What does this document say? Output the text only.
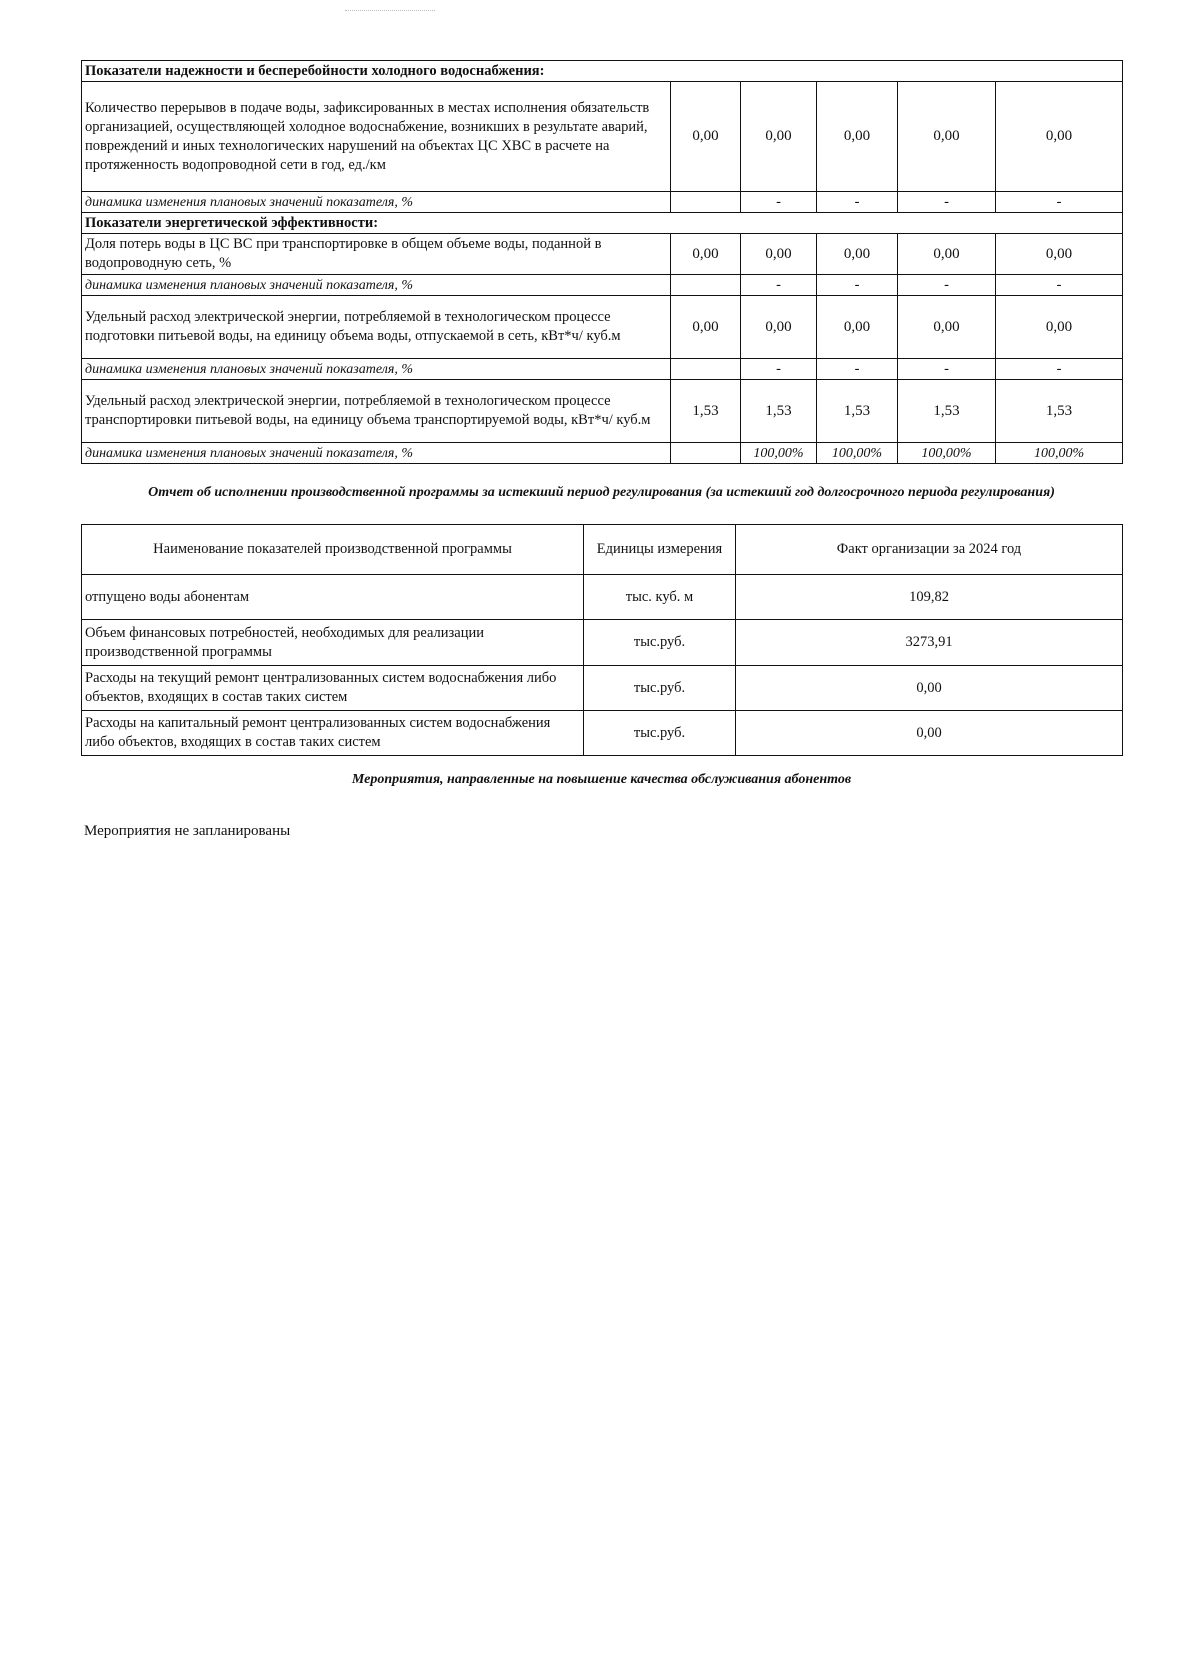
Показатели надежности и бесперебойности холодного водоснабжения:					
Количество перерывов в подаче воды, зафиксированных в местах исполнения обязательств организацией, осуществляющей холодное водоснабжение, возникших в результате аварий, повреждений и иных технологических нарушений на объектах ЦС ХВС в расчете на протяженность водопроводной сети в год, ед./км	0,00	0,00	0,00	0,00	0,00
динамика изменения плановых значений показателя, %		-	-	-	-
Показатели энергетической эффективности:					
Доля потерь воды в ЦС ВС при транспортировке в общем объеме воды, поданной в водопроводную сеть, %	0,00	0,00	0,00	0,00	0,00
динамика изменения плановых значений показателя, %		-	-	-	-
Удельный расход электрической энергии, потребляемой в технологическом процессе подготовки питьевой воды, на единицу объема воды, отпускаемой в сеть, кВт*ч/ куб.м	0,00	0,00	0,00	0,00	0,00
динамика изменения плановых значений показателя, %		-	-	-	-
Удельный расход электрической энергии, потребляемой в технологическом процессе транспортировки питьевой воды, на единицу объема транспортируемой воды, кВт*ч/ куб.м	1,53	1,53	1,53	1,53	1,53
динамика изменения плановых значений показателя, %		100,00%	100,00%	100,00%	100,00%
Отчет об исполнении производственной программы за истекший период регулирования (за истекший год долгосрочного периода регулирования)
Наименование показателей производственной программы	Единицы измерения	Факт организации за 2024 год
отпущено воды абонентам	тыс. куб. м	109,82
Объем финансовых потребностей, необходимых для реализации производственной программы	тыс.руб.	3273,91
Расходы на текущий ремонт централизованных систем водоснабжения либо объектов, входящих в состав таких систем	тыс.руб.	0,00
Расходы на капитальный ремонт централизованных систем водоснабжения либо объектов, входящих в состав таких систем	тыс.руб.	0,00
Мероприятия, направленные на повышение качества обслуживания абонентов
Мероприятия не запланированы
